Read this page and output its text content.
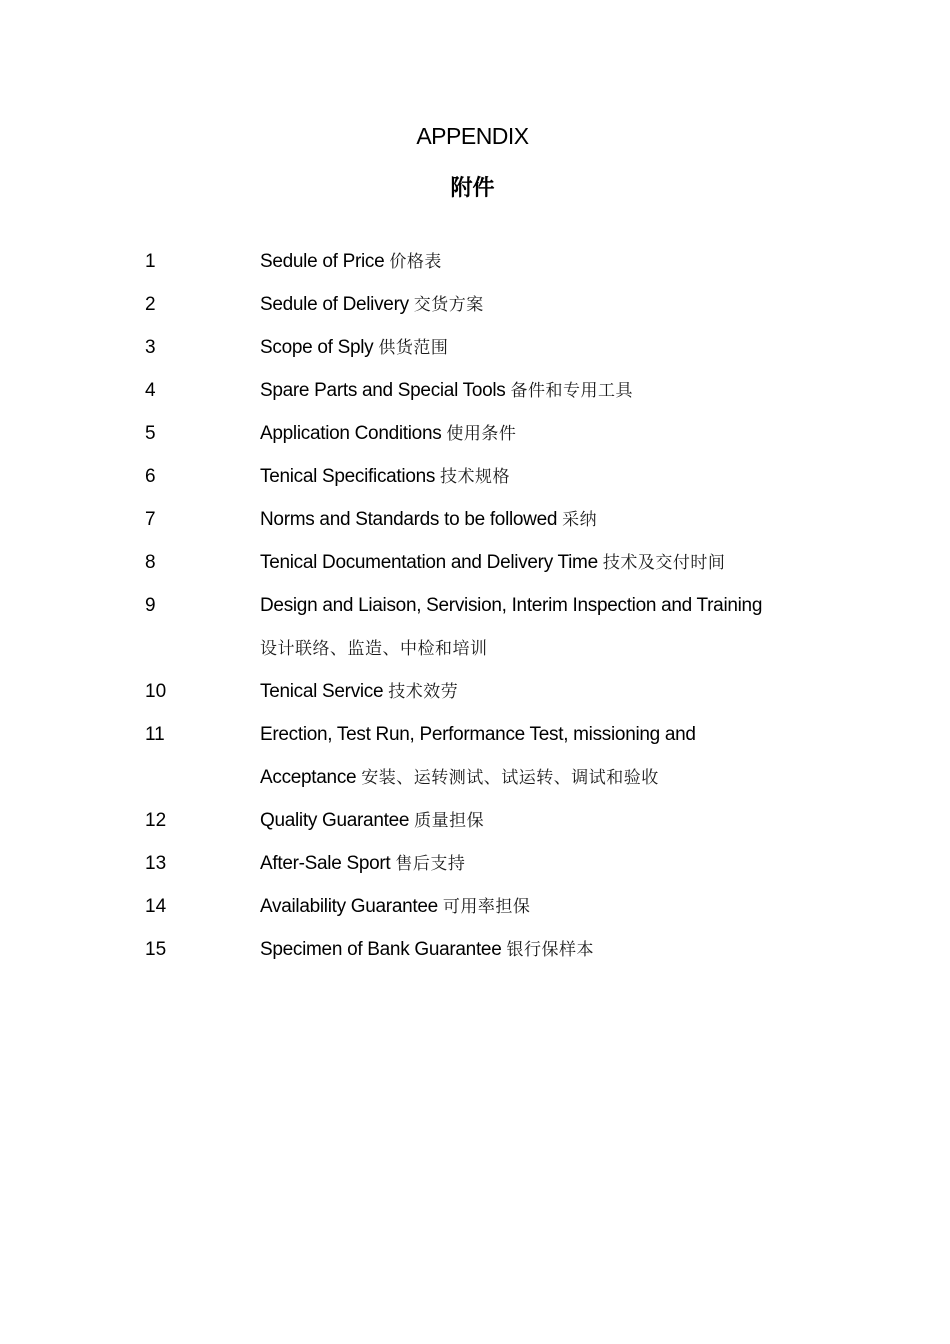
APPENDIX
附件
1	Sedule of Price 价格表
2	Sedule of Delivery 交货方案
3	Scope of Sply 供货范围
4	Spare Parts and Special Tools 备件和专用工具
5	Application Conditions 使用条件
6	Tenical Specifications 技术规格
7	Norms and Standards to be followed 采纳
8	Tenical Documentation and Delivery Time 技术及交付时间
9	Design and Liaison, Servision, Interim Inspection and Training
设计联络、监造、中检和培训
10	Tenical Service 技术效劳
11	Erection, Test Run, Performance Test, missioning and
Acceptance 安装、运转测试、试运转、调试和验收
12	Quality Guarantee 质量担保
13	After-Sale Sport 售后支持
14	Availability Guarantee 可用率担保
15	Specimen of Bank Guarantee 银行保样本
